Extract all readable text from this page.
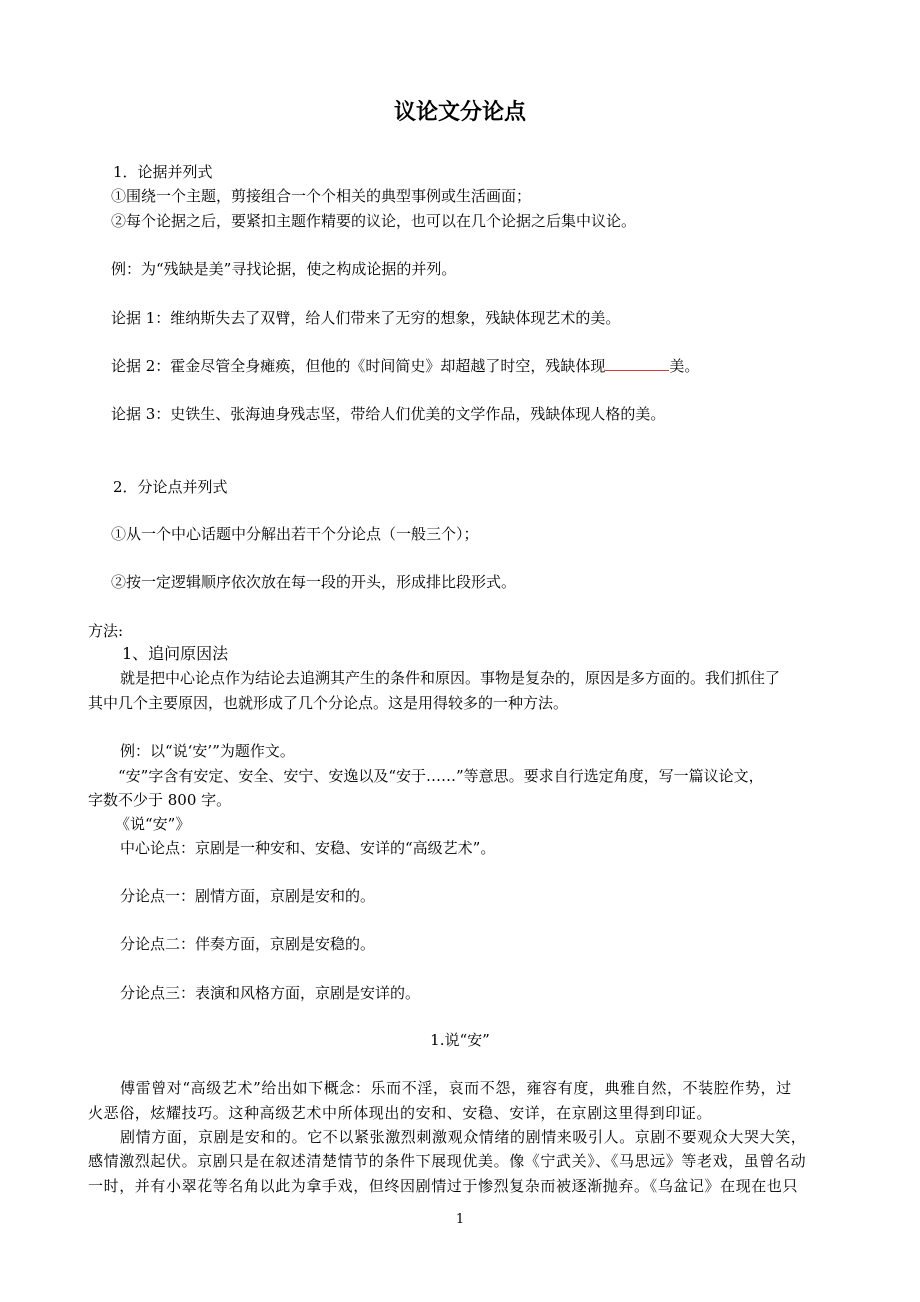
议论文分论点

1．论据并列式

①围绕一个主题，剪接组合一个个相关的典型事例或生活画面；

②每个论据之后，要紧扣主题作精要的议论，也可以在几个论据之后集中议论。

例：为“残缺是美”寻找论据，使之构成论据的并列。

论据 1：维纳斯失去了双臂，给人们带来了无穷的想象，残缺体现艺术的美。

论据 2：霍金尽管全身瘫痪，但他的《时间简史》却超越了时空，残缺体现	美。

论据 3：史铁生、张海迪身残志坚，带给人们优美的文学作品，残缺体现人格的美。

2．分论点并列式

①从一个中心话题中分解出若干个分论点（一般三个）；

②按一定逻辑顺序依次放在每一段的开头，形成排比段形式。

方法:

1、追问原因法

就是把中心论点作为结论去追溯其产生的条件和原因。事物是复杂的，原因是多方面的。我们抓住了

其中几个主要原因，也就形成了几个分论点。这是用得较多的一种方法。

例：以“说‘安’”为题作文。

“安”字含有安定、安全、安宁、安逸以及“安于……”等意思。要求自行选定角度，写一篇议论文，

字数不少于 800 字。

《说“安”》

中心论点：京剧是一种安和、安稳、安详的“高级艺术”。

分论点一：剧情方面，京剧是安和的。

分论点二：伴奏方面，京剧是安稳的。

分论点三：表演和风格方面，京剧是安详的。

1.说“安”

傅雷曾对“高级艺术”给出如下概念：乐而不淫，哀而不怨，雍容有度，典雅自然，不装腔作势，过

火恶俗，炫耀技巧。这种高级艺术中所体现出的安和、安稳、安详，在京剧这里得到印证。

剧情方面，京剧是安和的。它不以紧张激烈刺激观众情绪的剧情来吸引人。京剧不要观众大哭大笑，

感情激烈起伏。京剧只是在叙述清楚情节的条件下展现优美。像《宁武关》、《马思远》等老戏，虽曾名动

一时，并有小翠花等名角以此为拿手戏，但终因剧情过于惨烈复杂而被逐渐抛弃。《乌盆记》在现在也只

1
